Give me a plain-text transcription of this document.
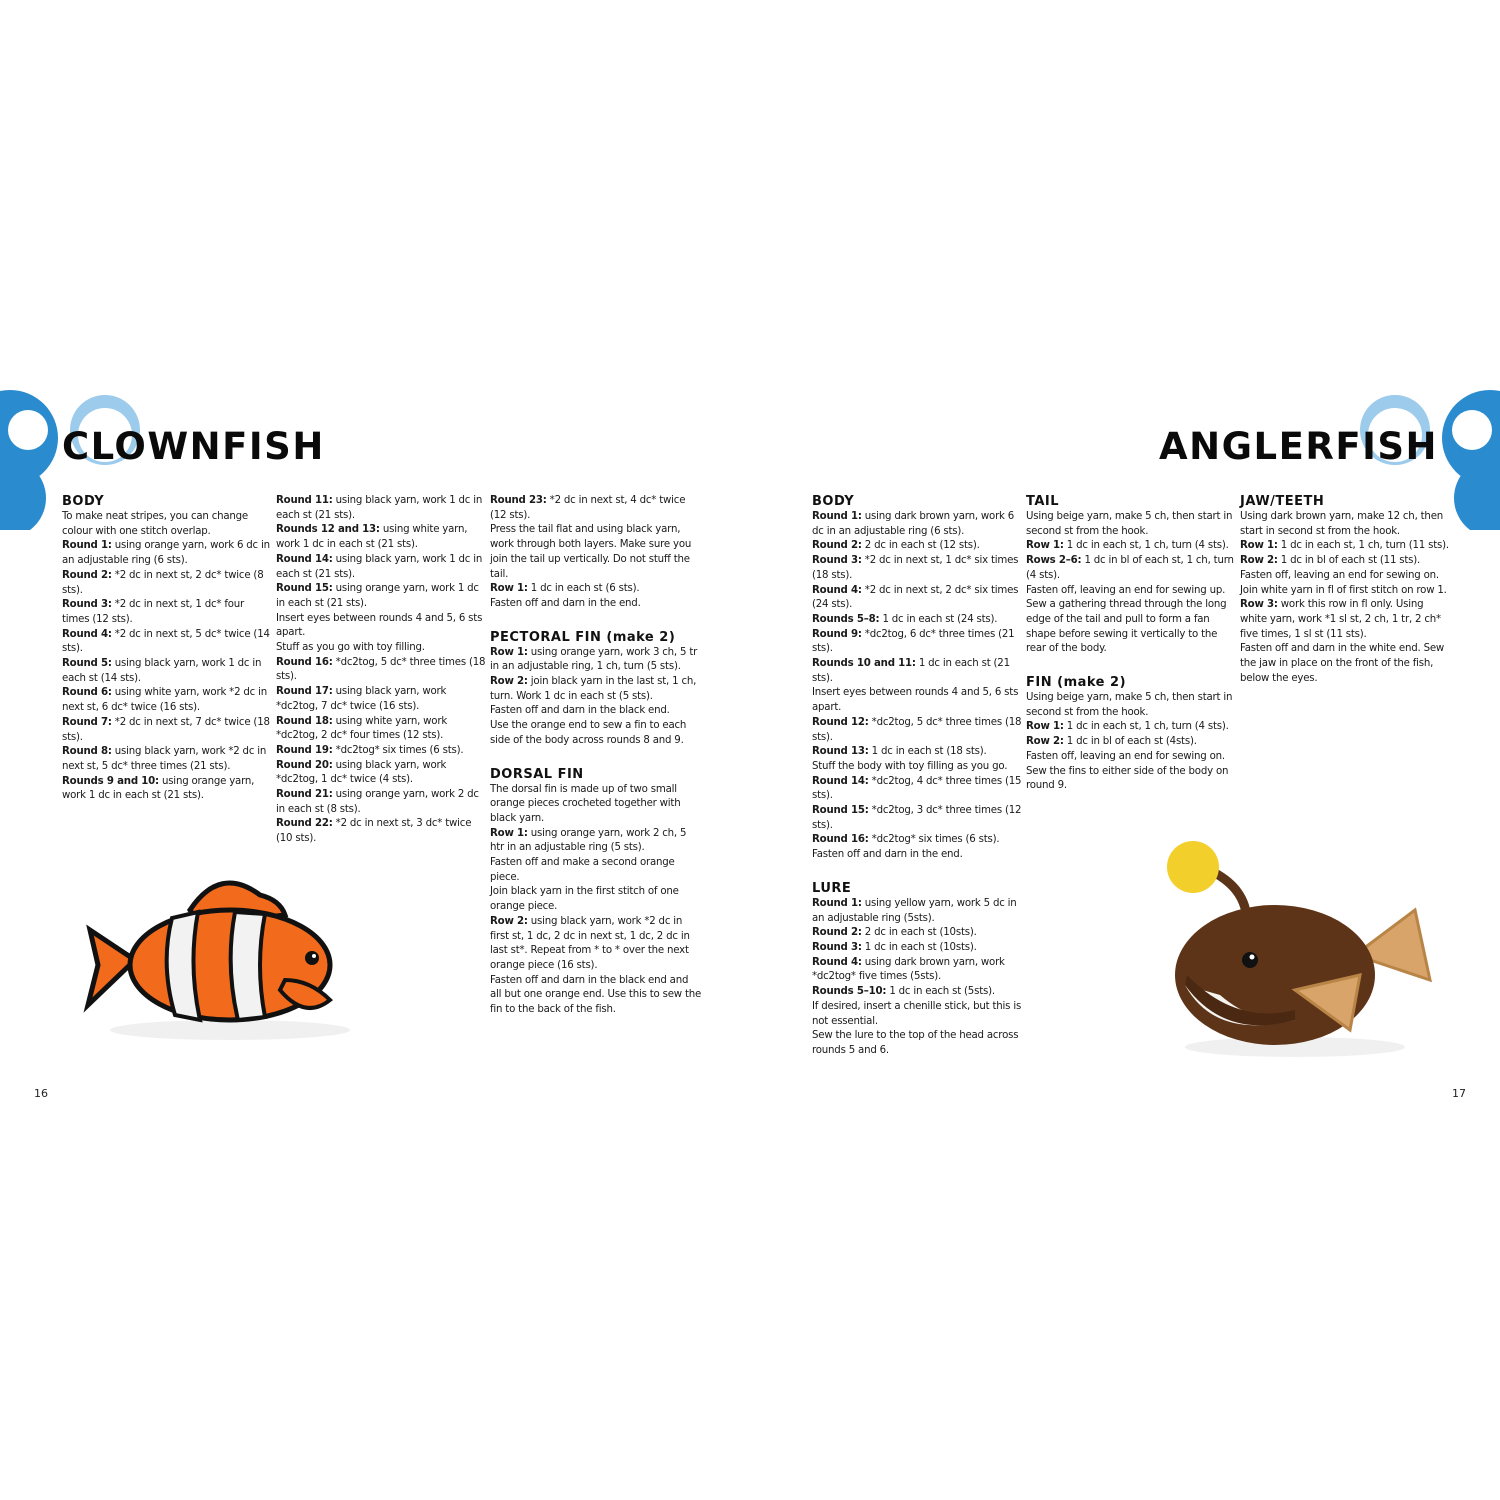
CLOWNFISH	ANGLERFISH
BODY

To make neat stripes, you can change colour with one stitch overlap.

Round 1: using orange yarn, work 6 dc in an adjustable ring (6 sts).

Round 2: *2 dc in next st, 2 dc* twice (8 sts).

Round 3: *2 dc in next st, 1 dc* four times (12 sts).

Round 4: *2 dc in next st, 5 dc* twice (14 sts).

Round 5: using black yarn, work 1 dc in each st (14 sts).

Round 6: using white yarn, work *2 dc in next st, 6 dc* twice (16 sts).

Round 7: *2 dc in next st, 7 dc* twice (18 sts).

Round 8: using black yarn, work *2 dc in next st, 5 dc* three times (21 sts).

Rounds 9 and 10: using orange yarn, work 1 dc in each st (21 sts).

Round 11: using black yarn, work 1 dc in each st (21 sts).

Rounds 12 and 13: using white yarn, work 1 dc in each st (21 sts).

Round 14: using black yarn, work 1 dc in each st (21 sts).

Round 15: using orange yarn, work 1 dc in each st (21 sts).

Insert eyes between rounds 4 and 5, 6 sts apart.

Stuff as you go with toy filling.

Round 16: *dc2tog, 5 dc* three times (18 sts).

Round 17: using black yarn, work *dc2tog, 7 dc* twice (16 sts).

Round 18: using white yarn, work *dc2tog, 2 dc* four times (12 sts).

Round 19: *dc2tog* six times (6 sts).

Round 20: using black yarn, work *dc2tog, 1 dc* twice (4 sts).

Round 21: using orange yarn, work 2 dc in each st (8 sts).

Round 22: *2 dc in next st, 3 dc* twice (10 sts).

Round 23: *2 dc in next st, 4 dc* twice (12 sts).

Press the tail flat and using black yarn, work through both layers. Make sure you join the tail up vertically. Do not stuff the tail.

Row 1: 1 dc in each st (6 sts).

Fasten off and darn in the end.

PECTORAL FIN (make 2)

Row 1: using orange yarn, work 3 ch, 5 tr in an adjustable ring, 1 ch, turn (5 sts).

Row 2: join black yarn in the last st, 1 ch, turn. Work 1 dc in each st (5 sts).

Fasten off and darn in the black end.

Use the orange end to sew a fin to each side of the body across rounds 8 and 9.

DORSAL FIN

The dorsal fin is made up of two small orange pieces crocheted together with black yarn.

Row 1: using orange yarn, work 2 ch, 5 htr in an adjustable ring (5 sts).

Fasten off and make a second orange piece.

Join black yarn in the first stitch of one orange piece.

Row 2: using black yarn, work *2 dc in first st, 1 dc, 2 dc in next st, 1 dc, 2 dc in last st*. Repeat from * to * over the next orange piece (16 sts).

Fasten off and darn in the black end and all but one orange end. Use this to sew the fin to the back of the fish.

BODY

Round 1: using dark brown yarn, work 6 dc in an adjustable ring (6 sts).

Round 2: 2 dc in each st (12 sts).

Round 3: *2 dc in next st, 1 dc* six times (18 sts).

Round 4: *2 dc in next st, 2 dc* six times (24 sts).

Rounds 5–8: 1 dc in each st (24 sts).

Round 9: *dc2tog, 6 dc* three times (21 sts).

Rounds 10 and 11: 1 dc in each st (21 sts).

Insert eyes between rounds 4 and 5, 6 sts apart.

Round 12: *dc2tog, 5 dc* three times (18 sts).

Round 13: 1 dc in each st (18 sts).

Stuff the body with toy filling as you go.

Round 14: *dc2tog, 4 dc* three times (15 sts).

Round 15: *dc2tog, 3 dc* three times (12 sts).

Round 16: *dc2tog* six times (6 sts).

Fasten off and darn in the end.

LURE

Round 1: using yellow yarn, work 5 dc in an adjustable ring (5sts).

Round 2: 2 dc in each st (10sts).

Round 3: 1 dc in each st (10sts).

Round 4: using dark brown yarn, work *dc2tog* five times (5sts).

Rounds 5–10: 1 dc in each st (5sts).

If desired, insert a chenille stick, but this is not essential.

Sew the lure to the top of the head across rounds 5 and 6.

TAIL

Using beige yarn, make 5 ch, then start in second st from the hook.

Row 1: 1 dc in each st, 1 ch, turn (4 sts).

Rows 2–6: 1 dc in bl of each st, 1 ch, turn (4 sts).

Fasten off, leaving an end for sewing up. Sew a gathering thread through the long edge of the tail and pull to form a fan shape before sewing it vertically to the rear of the body.

FIN (make 2)

Using beige yarn, make 5 ch, then start in second st from the hook.

Row 1: 1 dc in each st, 1 ch, turn (4 sts).

Row 2: 1 dc in bl of each st (4sts).

Fasten off, leaving an end for sewing on. Sew the fins to either side of the body on round 9.

JAW/TEETH

Using dark brown yarn, make 12 ch, then start in second st from the hook.

Row 1: 1 dc in each st, 1 ch, turn (11 sts).

Row 2: 1 dc in bl of each st (11 sts).

Fasten off, leaving an end for sewing on. Join white yarn in fl of first stitch on row 1.

Row 3: work this row in fl only. Using white yarn, work *1 sl st, 2 ch, 1 tr, 2 ch* five times, 1 sl st (11 sts).

Fasten off and darn in the white end. Sew the jaw in place on the front of the fish, below the eyes.

16	17
